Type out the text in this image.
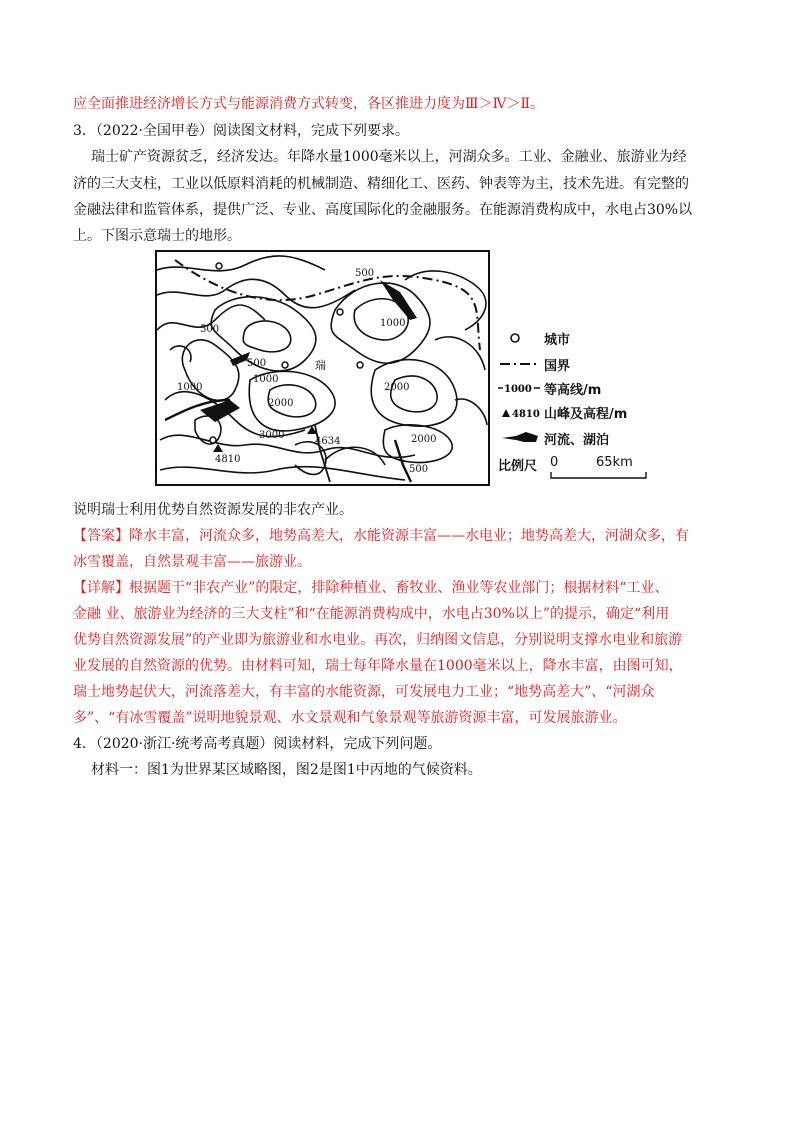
应全面推进经济增长方式与能源消费方式转变，各区推进力度为Ⅲ＞Ⅳ＞Ⅱ。
3．（2022·全国甲卷）阅读图文材料，完成下列要求。
瑞士矿产资源贫乏，经济发达。年降水量1000毫米以上，河湖众多。工业、金融业、旅游业为经
济的三大支柱，工业以低原料消耗的机械制造、精细化工、医药、钟表等为主，技术先进。有完整的
金融法律和监管体系，提供广泛、专业、高度国际化的金融服务。在能源消费构成中，水电占30%以
上。下图示意瑞士的地形。
500
500
500
500
1000
1000
1000
2000
2000
2000
3000
4634
4810
瑞
城市
国界
1000 等高线/m
4810 山峰及高程/m
河流、湖泊
比例尺 0	65km
说明瑞士利用优势自然资源发展的非农产业。
【答案】降水丰富，河流众多，地势高差大，水能资源丰富——水电业；地势高差大，河湖众多，有
冰雪覆盖，自然景观丰富——旅游业。
【详解】根据题干“非农产业”的限定，排除种植业、畜牧业、渔业等农业部门；根据材料“工业、
金融 业、旅游业为经济的三大支柱”和“在能源消费构成中，水电占30%以上”的提示，确定“利用
优势自然资源发展”的产业即为旅游业和水电业。再次，归纳图文信息，分别说明支撑水电业和旅游
业发展的自然资源的优势。由材料可知，瑞士每年降水量在1000毫米以上，降水丰富，由图可知，
瑞士地势起伏大，河流落差大，有丰富的水能资源，可发展电力工业；“地势高差大”、“河湖众
多”、“有冰雪覆盖”说明地貌景观、水文景观和气象景观等旅游资源丰富，可发展旅游业。
4．（2020·浙江·统考高考真题）阅读材料，完成下列问题。
材料一：图1为世界某区域略图，图2是图1中丙地的气候资料。
